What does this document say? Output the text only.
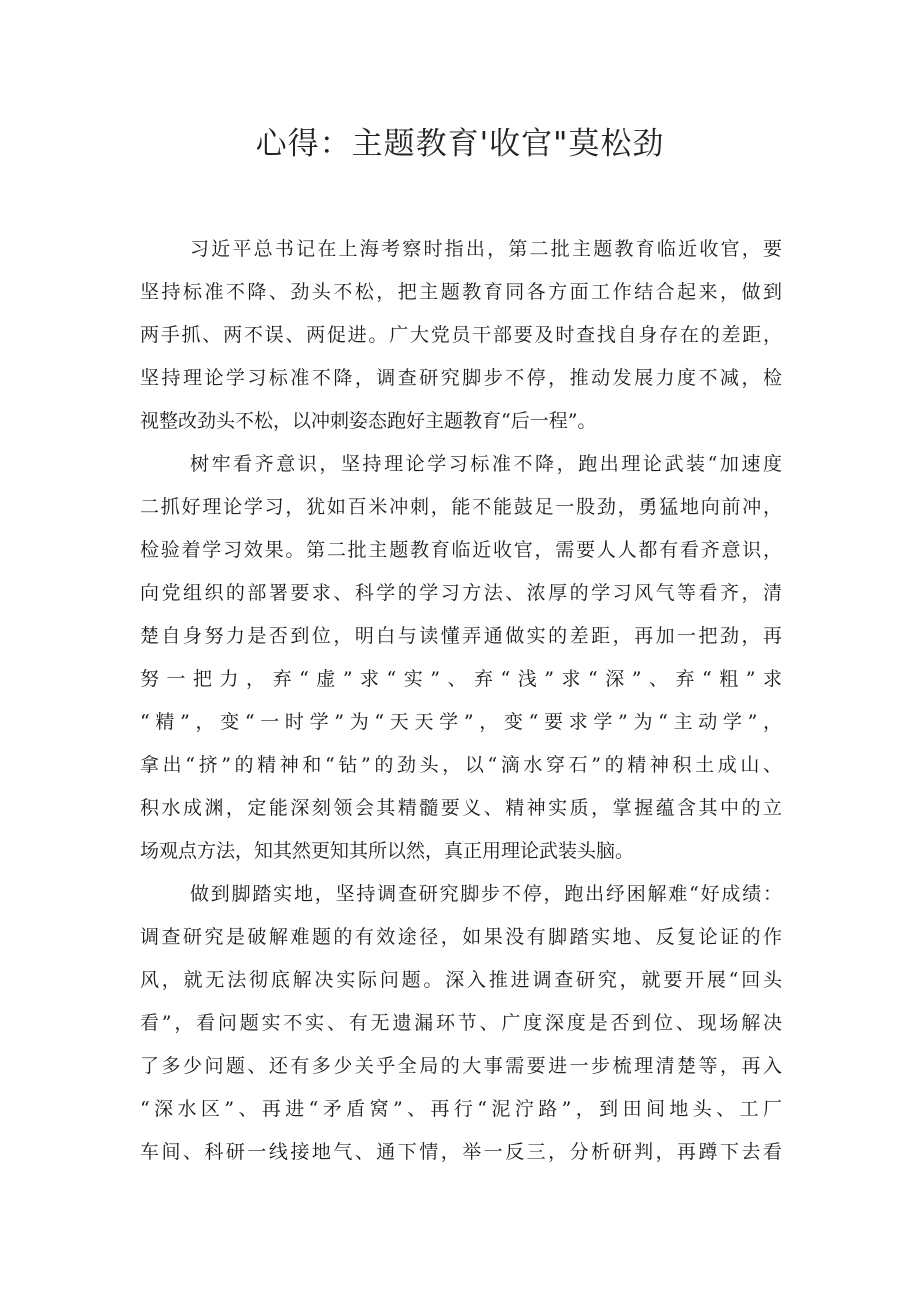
心得：主题教育'收官"莫松劲
习近平总书记在上海考察时指出，第二批主题教育临近收官，要
坚持标准不降、劲头不松，把主题教育同各方面工作结合起来，做到
两手抓、两不误、两促进。广大党员干部要及时查找自身存在的差距，
坚持理论学习标准不降，调查研究脚步不停，推动发展力度不减，检
视整改劲头不松，以冲刺姿态跑好主题教育“后一程”。
树牢看齐意识，坚持理论学习标准不降，跑出理论武装“加速度
二抓好理论学习，犹如百米冲刺，能不能鼓足一股劲，勇猛地向前冲，
检验着学习效果。第二批主题教育临近收官，需要人人都有看齐意识，
向党组织的部署要求、科学的学习方法、浓厚的学习风气等看齐，清
楚自身努力是否到位，明白与读懂弄通做实的差距，再加一把劲，再
努一把力，弃“虚”求“实”、弃“浅”求“深”、弃“粗”求
“精”，变“一时学”为“天天学”，变“要求学”为“主动学”，
拿出“挤”的精神和“钻”的劲头，以“滴水穿石”的精神积土成山、
积水成渊，定能深刻领会其精髓要义、精神实质，掌握蕴含其中的立
场观点方法，知其然更知其所以然，真正用理论武装头脑。
做到脚踏实地，坚持调查研究脚步不停，跑出纾困解难“好成绩：
调查研究是破解难题的有效途径，如果没有脚踏实地、反复论证的作
风，就无法彻底解决实际问题。深入推进调查研究，就要开展“回头
看”，看问题实不实、有无遗漏环节、广度深度是否到位、现场解决
了多少问题、还有多少关乎全局的大事需要进一步梳理清楚等，再入
“深水区”、再进“矛盾窝”、再行“泥泞路”，到田间地头、工厂
车间、科研一线接地气、通下情，举一反三，分析研判，再蹲下去看
